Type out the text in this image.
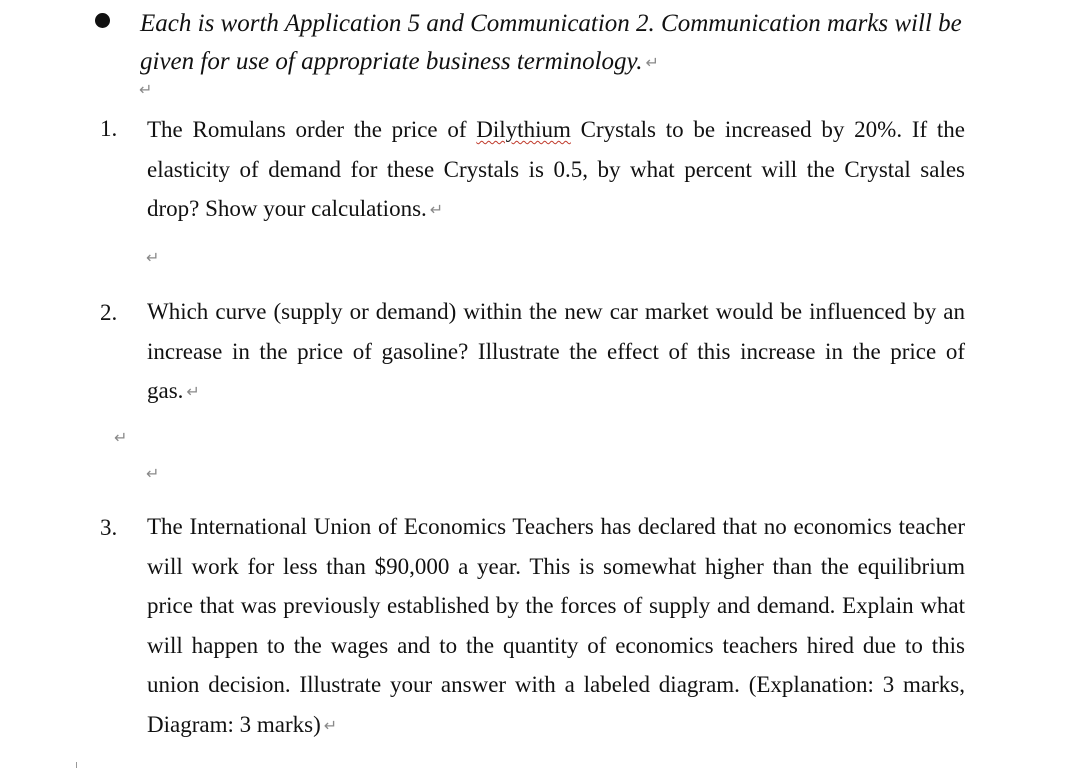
Each is worth Application 5 and Communication 2. Communication marks will be given for use of appropriate business terminology. ↵
↵
1. The Romulans order the price of Dilythium Crystals to be increased by 20%. If the elasticity of demand for these Crystals is 0.5, by what percent will the Crystal sales drop? Show your calculations. ↵
↵
2. Which curve (supply or demand) within the new car market would be influenced by an increase in the price of gasoline? Illustrate the effect of this increase in the price of gas. ↵
↵
↵
3. The International Union of Economics Teachers has declared that no economics teacher will work for less than $90,000 a year. This is somewhat higher than the equilibrium price that was previously established by the forces of supply and demand. Explain what will happen to the wages and to the quantity of economics teachers hired due to this union decision. Illustrate your answer with a labeled diagram. (Explanation: 3 marks, Diagram: 3 marks) ↵
